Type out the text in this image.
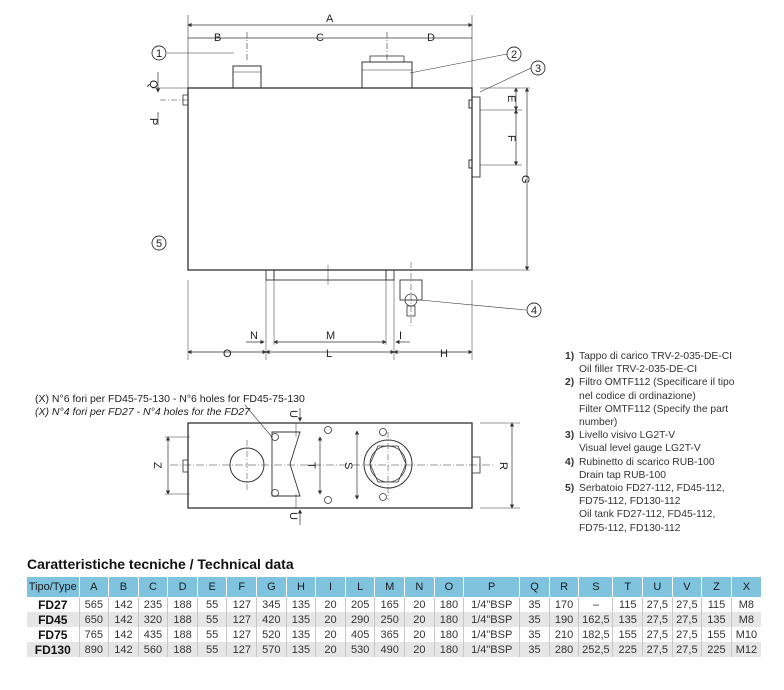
A
B	C	D
Q
P
E
F
G
N	M	I
O	L	H
Z	T S	R
U
U
1	2
3
4
5
(X) N°6 fori per FD45-75-130 - N°6 holes for FD45-75-130
(X) N°4 fori per FD27 - N°4 holes for the FD27
1) Tappo di carico TRV-2-035-DE-CI
Oil filler TRV-2-035-DE-CI
2) Filtro OMTF112 (Specificare il tipo
nel codice di ordinazione)
Filter OMTF112 (Specify the part
number)
3) Livello visivo LG2T-V
Visual level gauge LG2T-V
4) Rubinetto di scarico RUB-100
Drain tap RUB-100
5) Serbatoio FD27-112, FD45-112,
FD75-112, FD130-112
Oil tank FD27-112, FD45-112,
FD75-112, FD130-112
Caratteristiche tecniche / Technical data
Tipo/Type	A	B	C	D	E	F	G	H	I	L	M	N	O	P	Q	R	S	T	U	V	Z	X
FD27	565	142	235	188	55	127	345	135	20	205	165	20	180	1/4"BSP	35	170	–	115	27,5	27,5	115	M8
FD45	650	142	320	188	55	127	420	135	20	290	250	20	180	1/4"BSP	35	190	162,5	135	27,5	27,5	135	M8
FD75	765	142	435	188	55	127	520	135	20	405	365	20	180	1/4"BSP	35	210	182,5	155	27,5	27,5	155	M10
FD130	890	142	560	188	55	127	570	135	20	530	490	20	180	1/4"BSP	35	280	252,5	225	27,5	27,5	225	M12
